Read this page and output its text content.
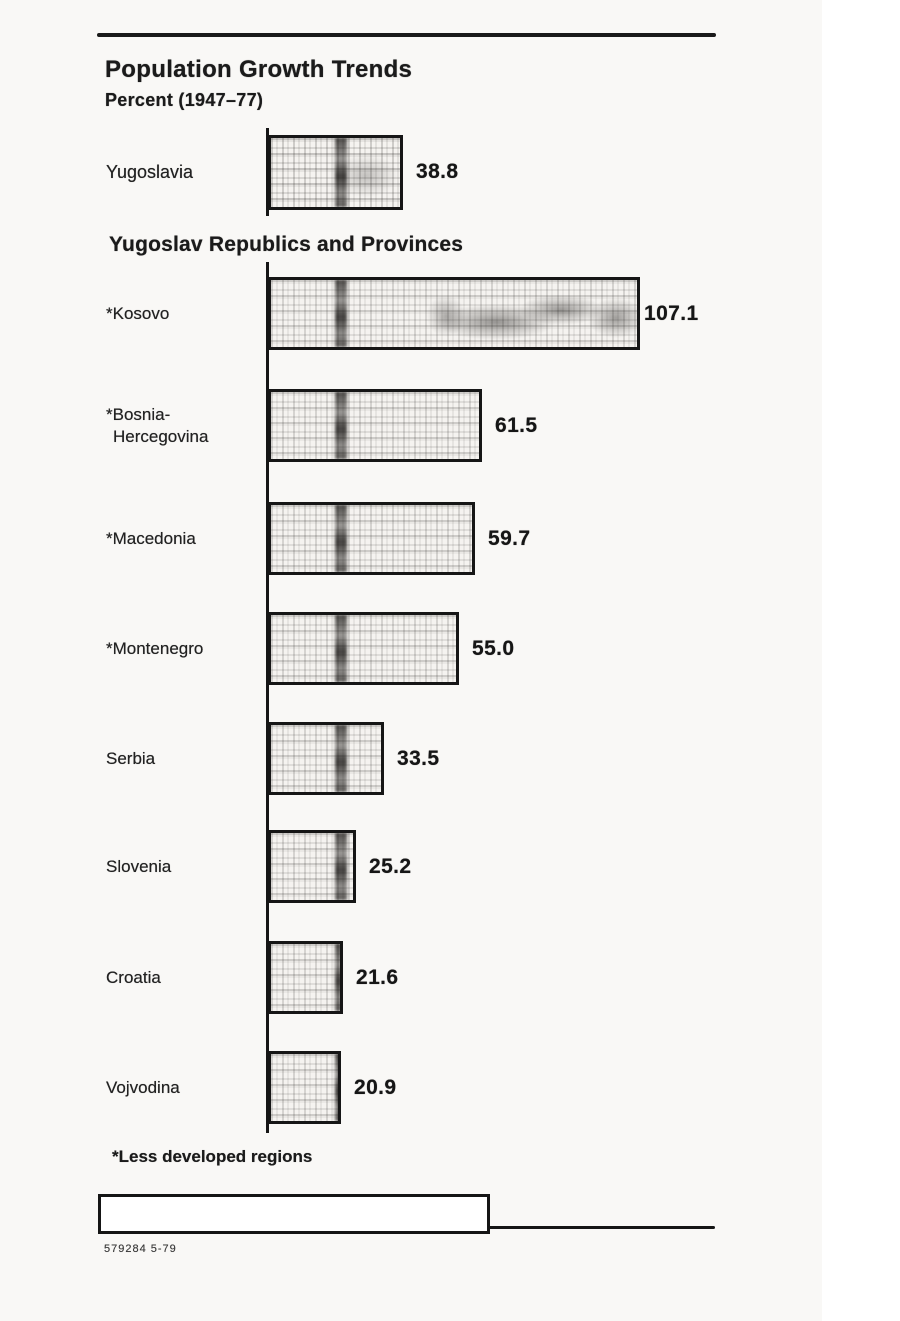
Population Growth Trends
Percent (1947–77)
Yugoslavia	38.8
Yugoslav Republics and Provinces
*Kosovo	107.1
*Bosnia-
Hercegovina	61.5
*Macedonia	59.7
*Montenegro	55.0
Serbia	33.5
Slovenia	25.2
Croatia	21.6
Vojvodina	20.9
*Less developed regions
579284 5-79
